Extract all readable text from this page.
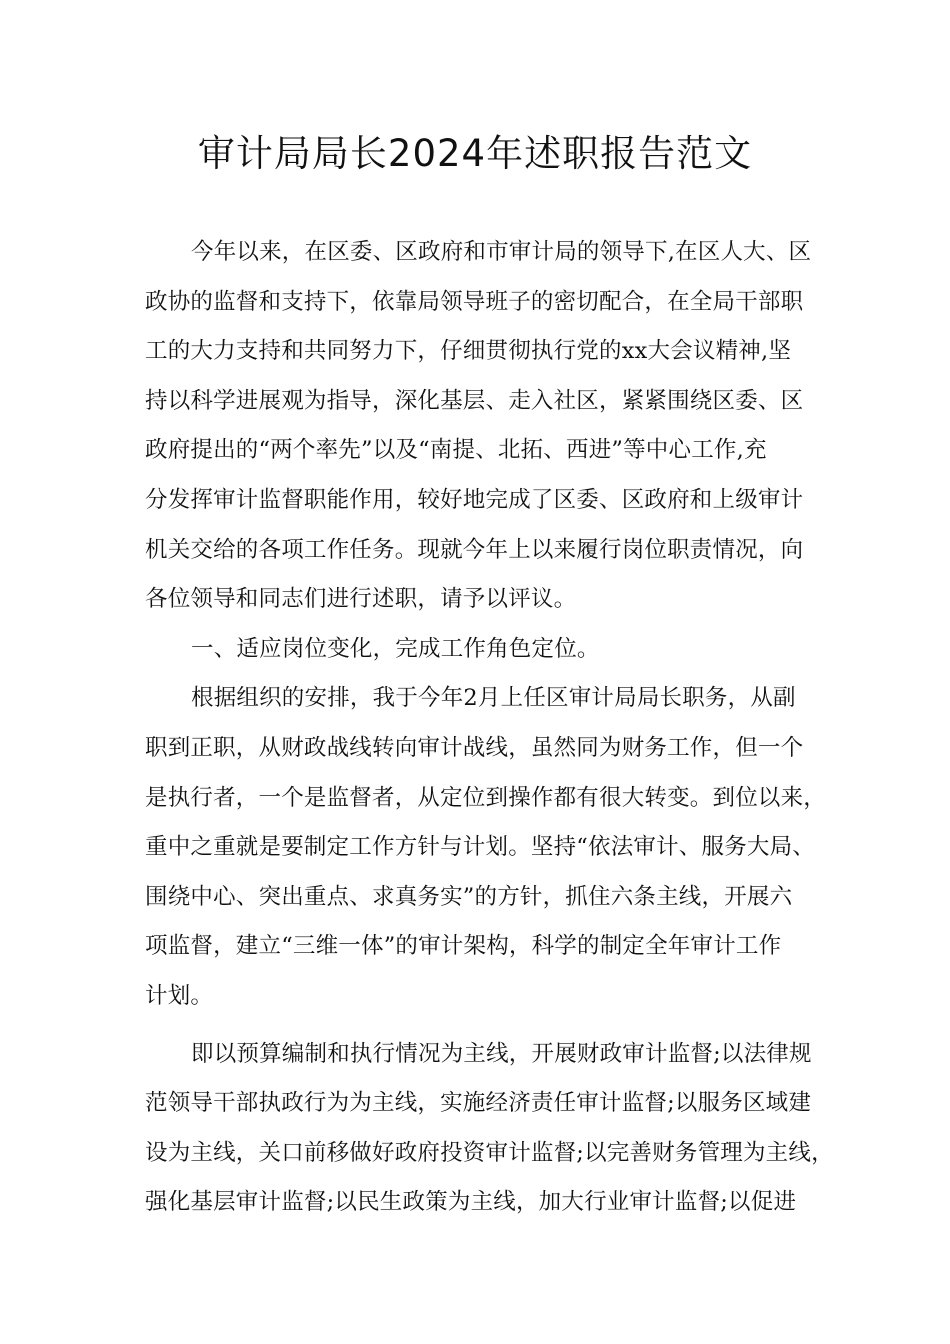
审计局局长2024年述职报告范文
今年以来，在区委、区政府和市审计局的领导下,在区人大、区
政协的监督和支持下，依靠局领导班子的密切配合，在全局干部职
工的大力支持和共同努力下，仔细贯彻执行党的xx大会议精神,坚
持以科学进展观为指导，深化基层、走入社区，紧紧围绕区委、区
政府提出的“两个率先”以及“南提、北拓、西进”等中心工作,充
分发挥审计监督职能作用，较好地完成了区委、区政府和上级审计
机关交给的各项工作任务。现就今年上以来履行岗位职责情况，向
各位领导和同志们进行述职，请予以评议。
一、适应岗位变化，完成工作角色定位。
根据组织的安排，我于今年2月上任区审计局局长职务，从副
职到正职，从财政战线转向审计战线，虽然同为财务工作，但一个
是执行者，一个是监督者，从定位到操作都有很大转变。到位以来，
重中之重就是要制定工作方针与计划。坚持“依法审计、服务大局、
围绕中心、突出重点、求真务实”的方针，抓住六条主线，开展六
项监督，建立“三维一体”的审计架构，科学的制定全年审计工作
计划。
即以预算编制和执行情况为主线，开展财政审计监督;以法律规
范领导干部执政行为为主线，实施经济责任审计监督;以服务区域建
设为主线，关口前移做好政府投资审计监督;以完善财务管理为主线，
强化基层审计监督;以民生政策为主线，加大行业审计监督;以促进
